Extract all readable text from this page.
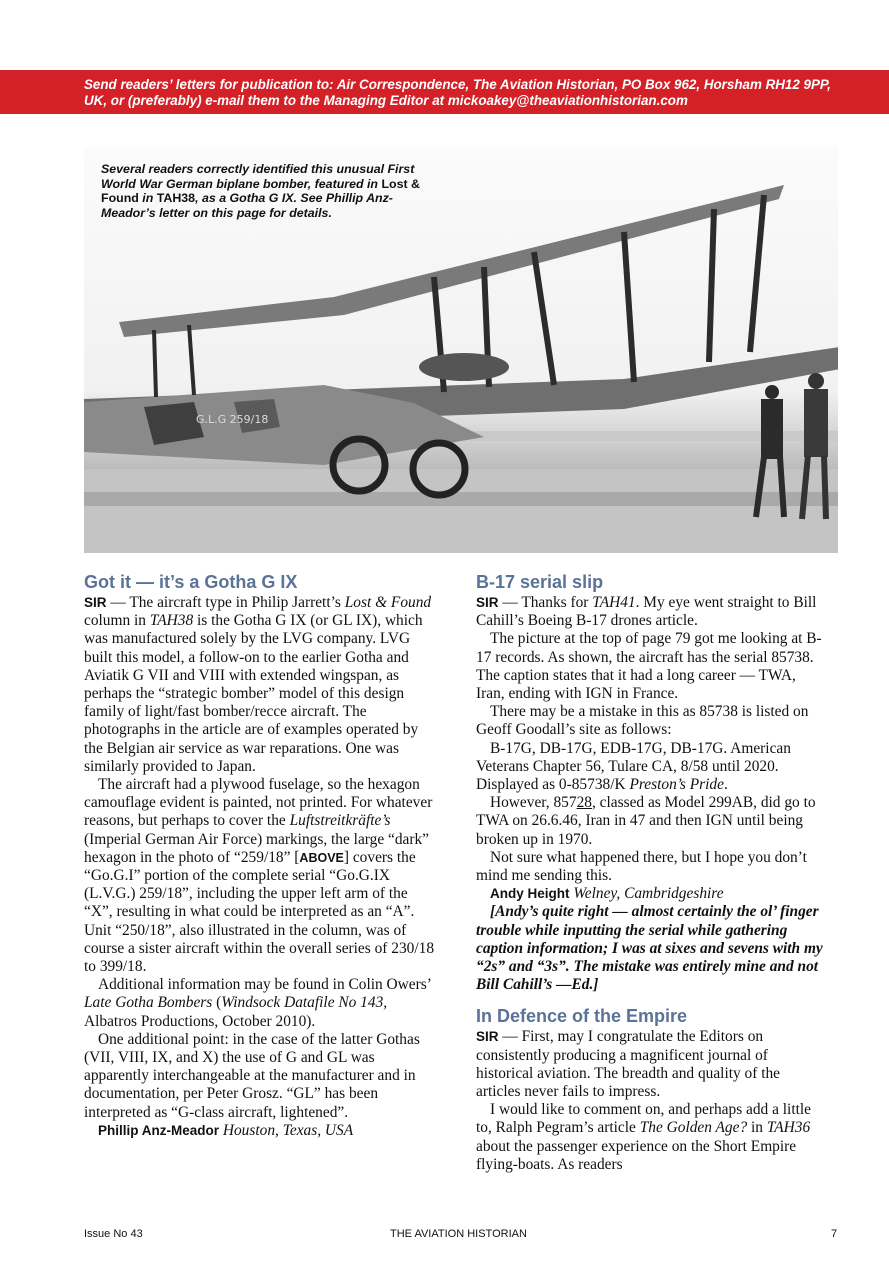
Send readers’ letters for publication to: Air Correspondence, The Aviation Historian, PO Box 962, Horsham RH12 9PP, UK, or (preferably) e-mail them to the Managing Editor at mickoakey@theaviationhistorian.com

G.L.G 259/18
Several readers correctly identified this unusual First World War German biplane bomber, featured in Lost & Found in TAH38, as a Gotha G IX. See Phillip Anz-Meador’s letter on this page for details.
Got it — it’s a Gotha G IX

SIR — The aircraft type in Philip Jarrett’s Lost & Found column in TAH38 is the Gotha G IX (or GL IX), which was manufactured solely by the LVG company. LVG built this model, a follow-on to the earlier Gotha and Aviatik G VII and VIII with extended wingspan, as perhaps the “strategic bomber” model of this design family of light/fast bomber/recce aircraft. The photographs in the article are of examples operated by the Belgian air service as war reparations. One was similarly provided to Japan.

The aircraft had a plywood fuselage, so the hexagon camouflage evident is painted, not printed. For whatever reasons, but perhaps to cover the Luftstreitkräfte’s (Imperial German Air Force) markings, the large “dark” hexagon in the photo of “259/18” [ABOVE] covers the “Go.G.I” portion of the complete serial “Go.G.IX (L.V.G.) 259/18”, including the upper left arm of the “X”, resulting in what could be interpreted as an “A”. Unit “250/18”, also illustrated in the column, was of course a sister aircraft within the overall series of 230/18 to 399/18.

Additional information may be found in Colin Owers’ Late Gotha Bombers (Windsock Datafile No 143, Albatros Productions, October 2010).

One additional point: in the case of the latter Gothas (VII, VIII, IX, and X) the use of G and GL was apparently interchangeable at the manufacturer and in documentation, per Peter Grosz. “GL” has been interpreted as “G-class aircraft, lightened”.

Phillip Anz-Meador Houston, Texas, USA

B-17 serial slip

SIR — Thanks for TAH41. My eye went straight to Bill Cahill’s Boeing B-17 drones article.

The picture at the top of page 79 got me looking at B-17 records. As shown, the aircraft has the serial 85738. The caption states that it had a long career — TWA, Iran, ending with IGN in France.

There may be a mistake in this as 85738 is listed on Geoff Goodall’s site as follows:

B-17G, DB-17G, EDB-17G, DB-17G. American Veterans Chapter 56, Tulare CA, 8/58 until 2020. Displayed as 0-85738/K Preston’s Pride.

However, 85728, classed as Model 299AB, did go to TWA on 26.6.46, Iran in 47 and then IGN until being broken up in 1970.

Not sure what happened there, but I hope you don’t mind me sending this.

Andy Height Welney, Cambridgeshire

[Andy’s quite right — almost certainly the ol’ finger trouble while inputting the serial while gathering caption information; I was at sixes and sevens with my “2s” and “3s”. The mistake was entirely mine and not Bill Cahill’s —Ed.]

In Defence of the Empire

SIR — First, may I congratulate the Editors on consistently producing a magnificent journal of historical aviation. The breadth and quality of the articles never fails to impress.

I would like to comment on, and perhaps add a little to, Ralph Pegram’s article The Golden Age? in TAH36 about the passenger experience on the Short Empire flying-boats. As readers

Issue No 43	THE AVIATION HISTORIAN	7
